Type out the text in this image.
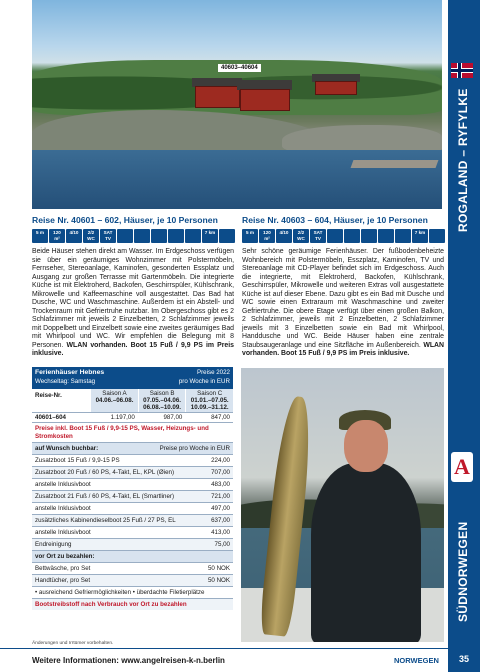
40603–40604
ROGALAND – RYFYLKE
A
SÜDNORWEGEN
Reise Nr. 40601 – 602, Häuser, je 10 Personen
5 m	120
m²
4/10	2/2
WC
SAT
TV
7 km
Beide Häuser stehen direkt am Wasser. Im Erdgeschoss verfügen sie über ein geräumiges Wohnzimmer mit Polstermöbeln, Fernseher, Stereoanlage, Kaminofen, gesonderten Essplatz und Ausgang zur großen Terrasse mit Gartenmöbeln. Die integrierte Küche ist mit Elektroherd, Backofen, Geschirrspüler, Kühlschrank, Mikrowelle und Kaffeemaschine voll ausgestattet. Das Bad hat Dusche, WC und Waschmaschine. Außerdem ist ein Abstell- und Trockenraum mit Gefriertruhe nutzbar. Im Obergeschoss gibt es 2 Schlafzimmer mit jeweils 2 Einzelbetten, 2 Schlafzimmer jeweils mit Doppelbett und Einzelbett sowie eine zweites geräumiges Bad mit Whirlpool und WC. Wir empfehlen die Belegung mit 8 Personen. WLAN vorhanden. Boot 15 Fuß / 9,9 PS im Preis inklusive.
Reise Nr. 40603 – 604, Häuser, je 10 Personen
5 m	120
m²
4/10	2/2
WC
SAT
TV
7 km
Sehr schöne geräumige Ferienhäuser. Der fußbodenbeheizte Wohnbereich mit Polstermöbeln, Esszplatz, Kaminofen, TV und Stereoanlage mit CD-Player befindet sich im Erdgeschoss. Auch die integrierte, mit Elektroherd, Backofen, Kühlschrank, Geschirrspüler, Mikrowelle und weiteren Extras voll ausgestattete Küche ist auf dieser Ebene. Dazu gibt es ein Bad mit Dusche und WC sowie einen Extraraum mit Waschmaschine und zweiter Gefriertruhe. Die obere Etage verfügt über einen großen Balkon, 2 Schlafzimmer, jeweils mit 2 Einzelbetten, 2 Schlafzimmer jeweils mit 3 Einzelbetten sowie ein Bad mit Whirlpool, Handdusche und WC. Beide Häuser haben eine zentrale Staubsaugeranlage und eine Sitzfläche im Außenbereich. WLAN vorhanden. Boot 15 Fuß / 9,9 PS im Preis inklusive.
Ferienhäuser Hebnes	Preise 2022
Wechseltag: Samstag	pro Woche in EUR
Reise-Nr.	Saison A
04.06.–06.08.
Saison B
07.05.–04.06. 06.08.–10.09.
Saison C
01.01.–07.05. 10.09.–31.12.
40601–604	1.197,00	987,00	847,00
Preise inkl. Boot 15 Fuß / 9,9-15 PS, Wasser, Heizungs- und Stromkosten
auf Wunsch buchbar:	Preise pro Woche in EUR
Zusatzboot 15 Fuß / 9,9-15 PS	224,00
Zusatzboot 20 Fuß / 60 PS, 4-Takt, EL, KPL (Øien)	707,00
anstelle Inklusivboot	483,00
Zusatzboot 21 Fuß / 60 PS, 4-Takt, EL (Smartliner)	721,00
anstelle Inklusivboot	497,00
zusätzliches Kabinendieselboot 25 Fuß / 27 PS, EL	637,00
anstelle Inklusivboot	413,00
Endreinigung	75,00
vor Ort zu bezahlen:
Bettwäsche, pro Set	50 NOK
Handtücher, pro Set	50 NOK
• ausreichend Gefriermöglichkeiten • überdachte Filetierplätze
Bootstreibstoff nach Verbrauch vor Ort zu bezahlen
Änderungen und Irrtümer vorbehalten.
Weitere Informationen: www.angelreisen-k-n.berlin	NORWEGEN	35
